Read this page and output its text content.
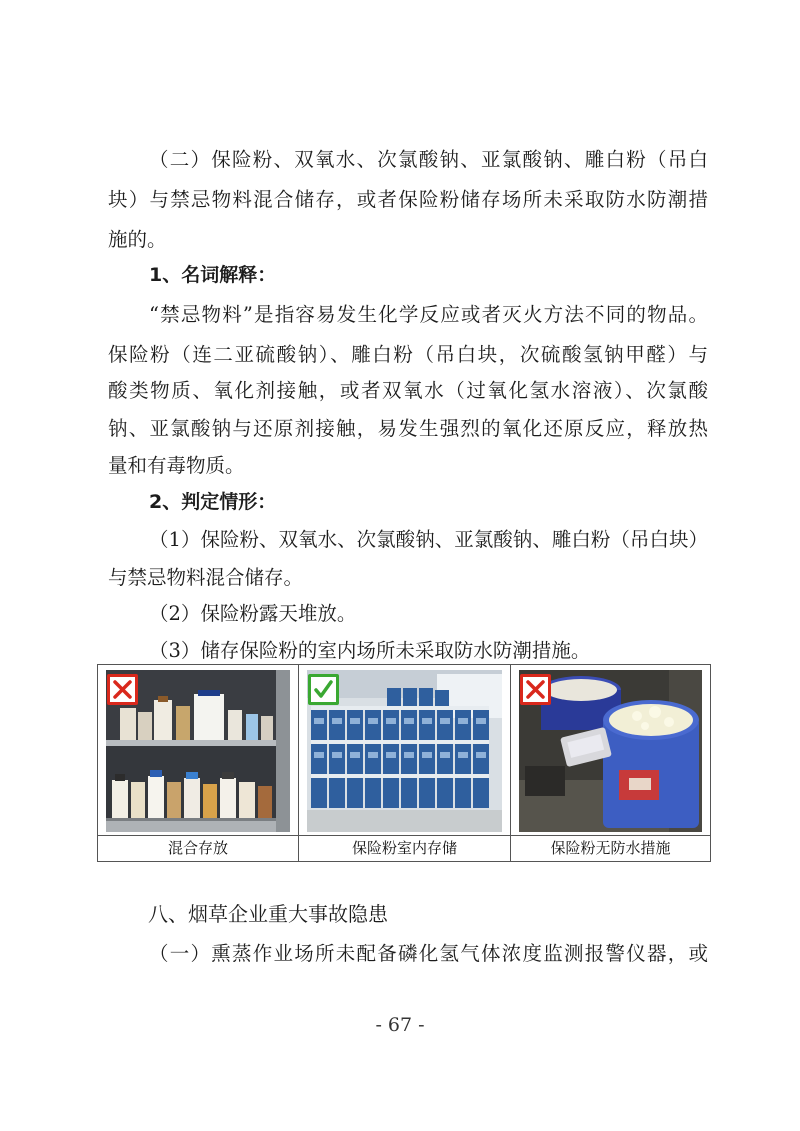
（二）保险粉、双氧水、次氯酸钠、亚氯酸钠、雕白粉（吊白
块）与禁忌物料混合储存，或者保险粉储存场所未采取防水防潮措
施的。
1、名词解释：
“禁忌物料”是指容易发生化学反应或者灭火方法不同的物品。
保险粉（连二亚硫酸钠）、雕白粉（吊白块，次硫酸氢钠甲醛）与
酸类物质、氧化剂接触，或者双氧水（过氧化氢水溶液）、次氯酸
钠、亚氯酸钠与还原剂接触，易发生强烈的氧化还原反应，释放热
量和有毒物质。
2、判定情形：
（1）保险粉、双氧水、次氯酸钠、亚氯酸钠、雕白粉（吊白块）
与禁忌物料混合储存。
（2）保险粉露天堆放。
（3）储存保险粉的室内场所未采取防水防潮措施。
混合存放	保险粉室内存储	保险粉无防水措施
八、烟草企业重大事故隐患
（一）熏蒸作业场所未配备磷化氢气体浓度监测报警仪器，或
- 67 -
